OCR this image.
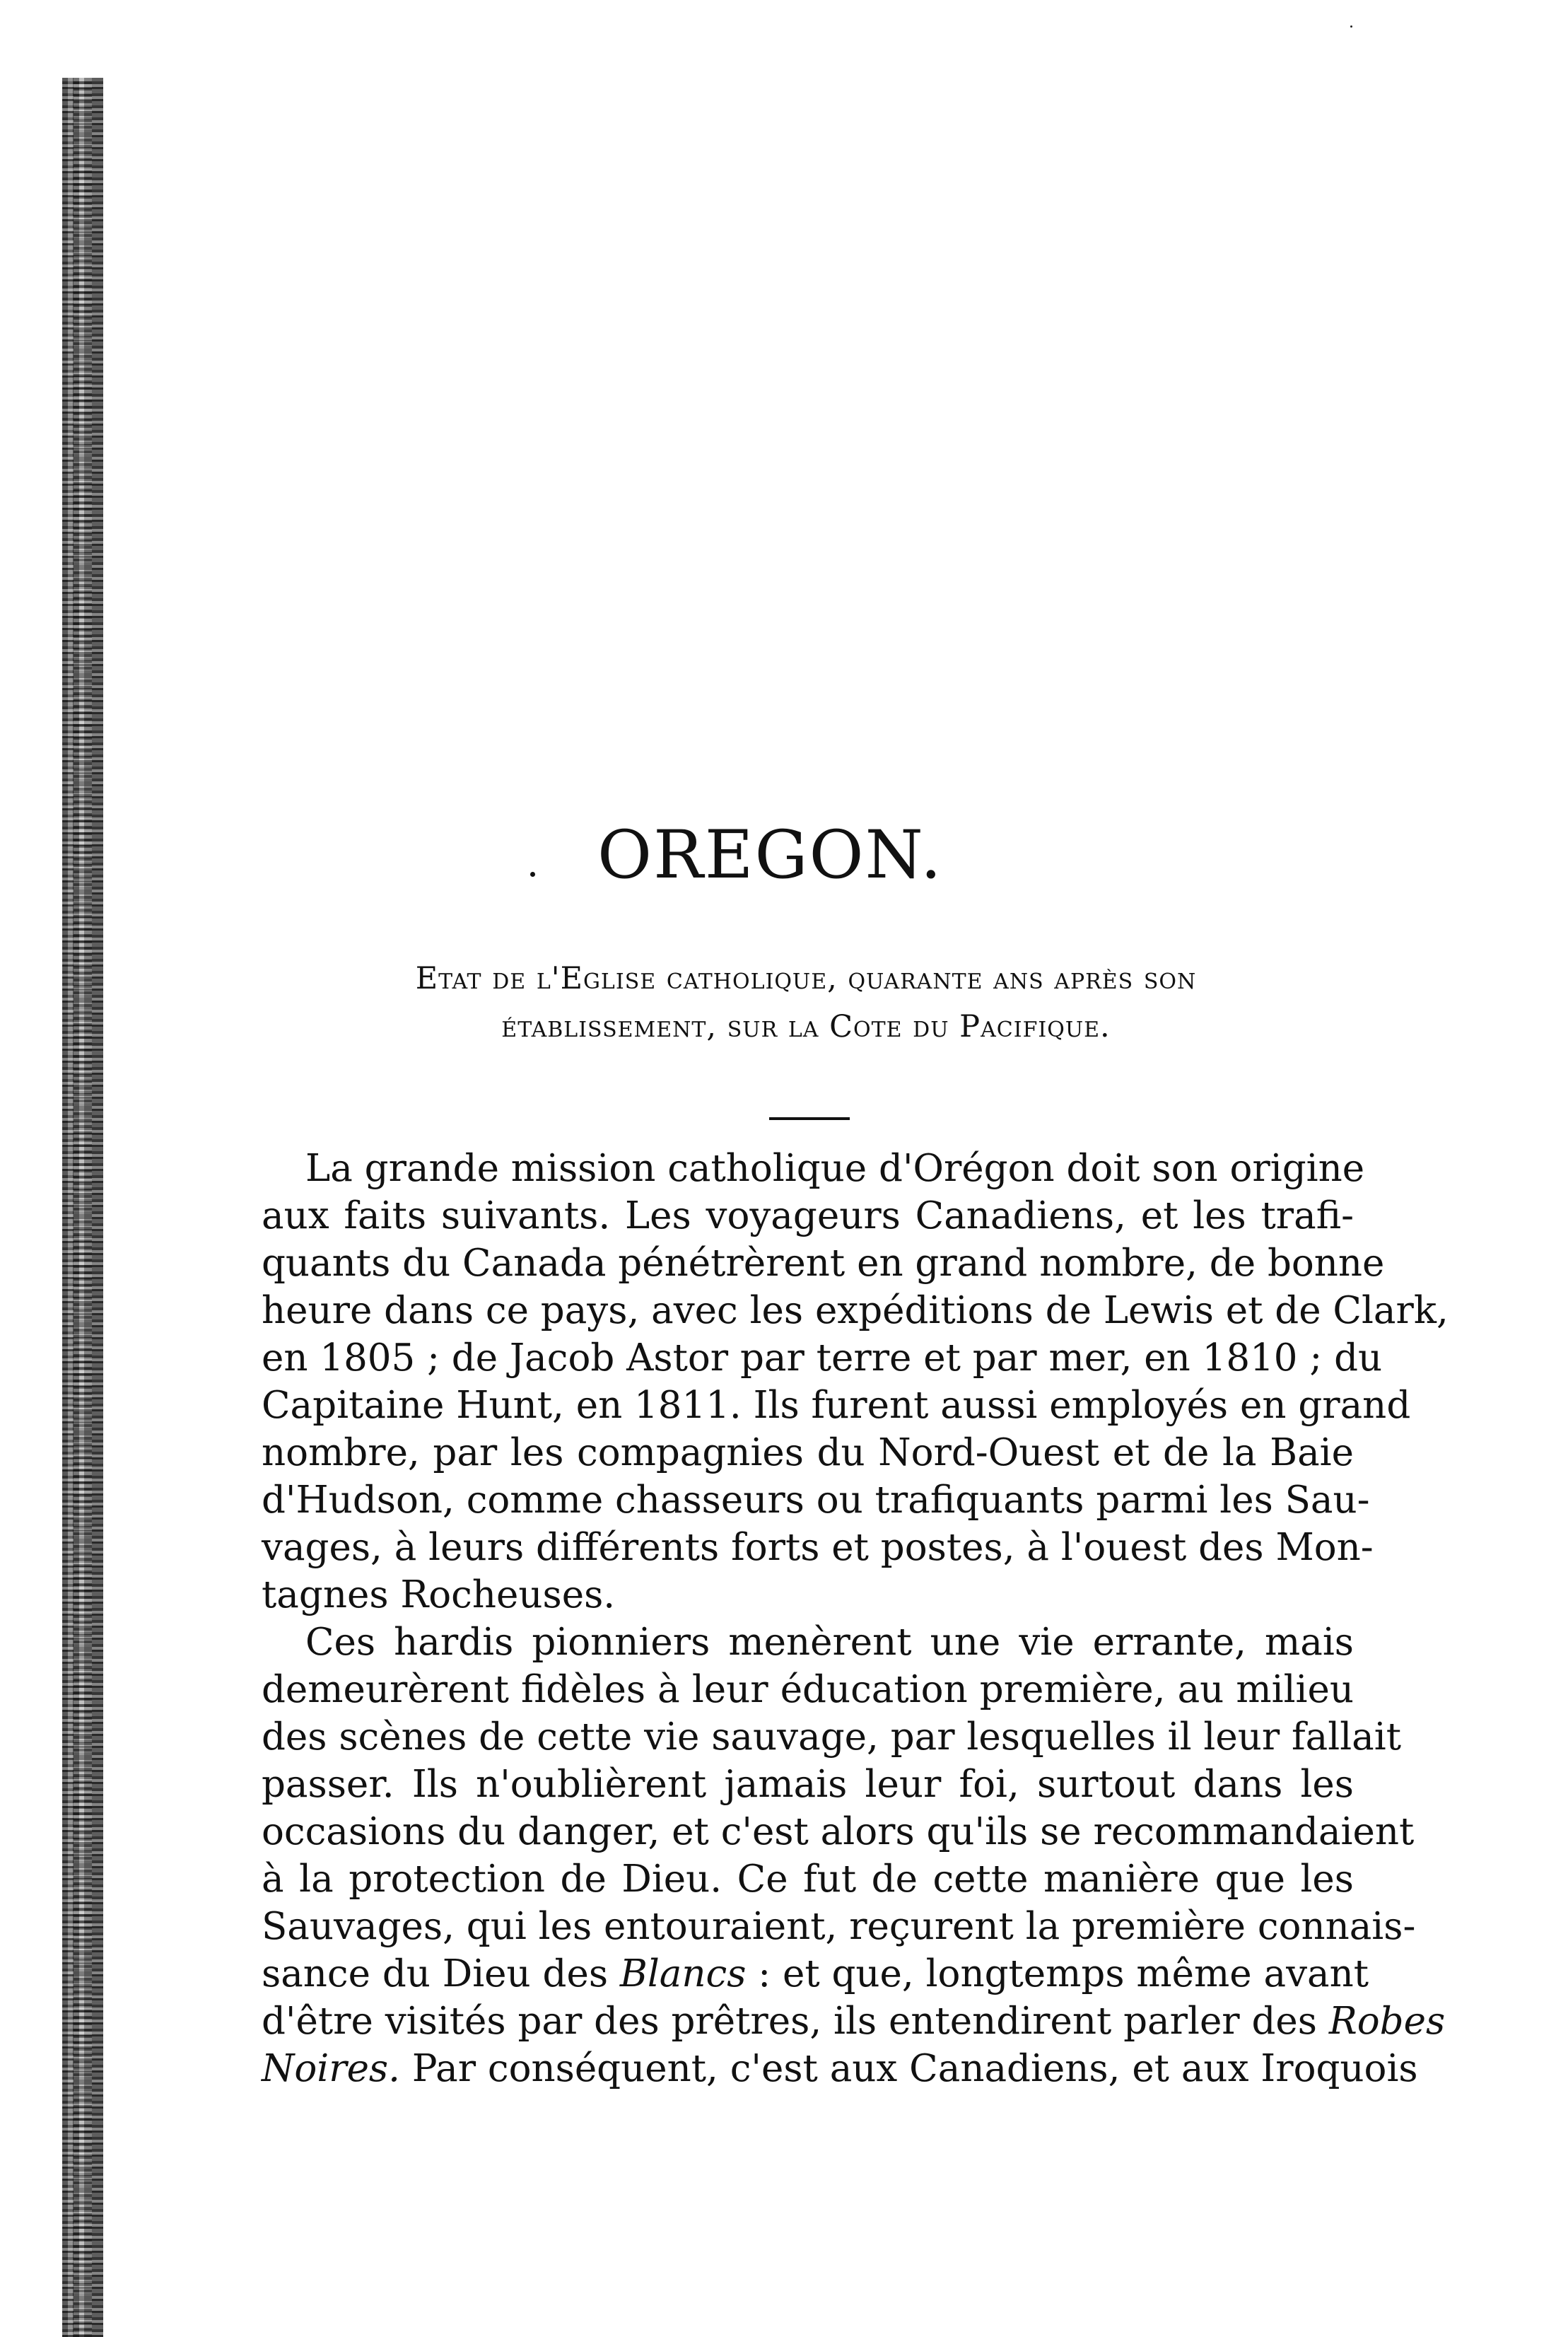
OREGON.
Etat de l'Eglise catholique, quarante ans après son
établissement, sur la Cote du Pacifique.
La grande mission catholique d'Orégon doit son origine
aux faits suivants. Les voyageurs Canadiens, et les trafi-
quants du Canada pénétrèrent en grand nombre, de bonne
heure dans ce pays, avec les expéditions de Lewis et de Clark,
en 1805 ; de Jacob Astor par terre et par mer, en 1810 ; du
Capitaine Hunt, en 1811. Ils furent aussi employés en grand
nombre, par les compagnies du Nord-Ouest et de la Baie
d'Hudson, comme chasseurs ou trafiquants parmi les Sau-
vages, à leurs différents forts et postes, à l'ouest des Mon-
tagnes Rocheuses.
Ces hardis pionniers menèrent une vie errante, mais
demeurèrent fidèles à leur éducation première, au milieu
des scènes de cette vie sauvage, par lesquelles il leur fallait
passer. Ils n'oublièrent jamais leur foi, surtout dans les
occasions du danger, et c'est alors qu'ils se recommandaient
à la protection de Dieu. Ce fut de cette manière que les
Sauvages, qui les entouraient, reçurent la première connais-
sance du Dieu des Blancs : et que, longtemps même avant
d'être visités par des prêtres, ils entendirent parler des Robes
Noires. Par conséquent, c'est aux Canadiens, et aux Iroquois
